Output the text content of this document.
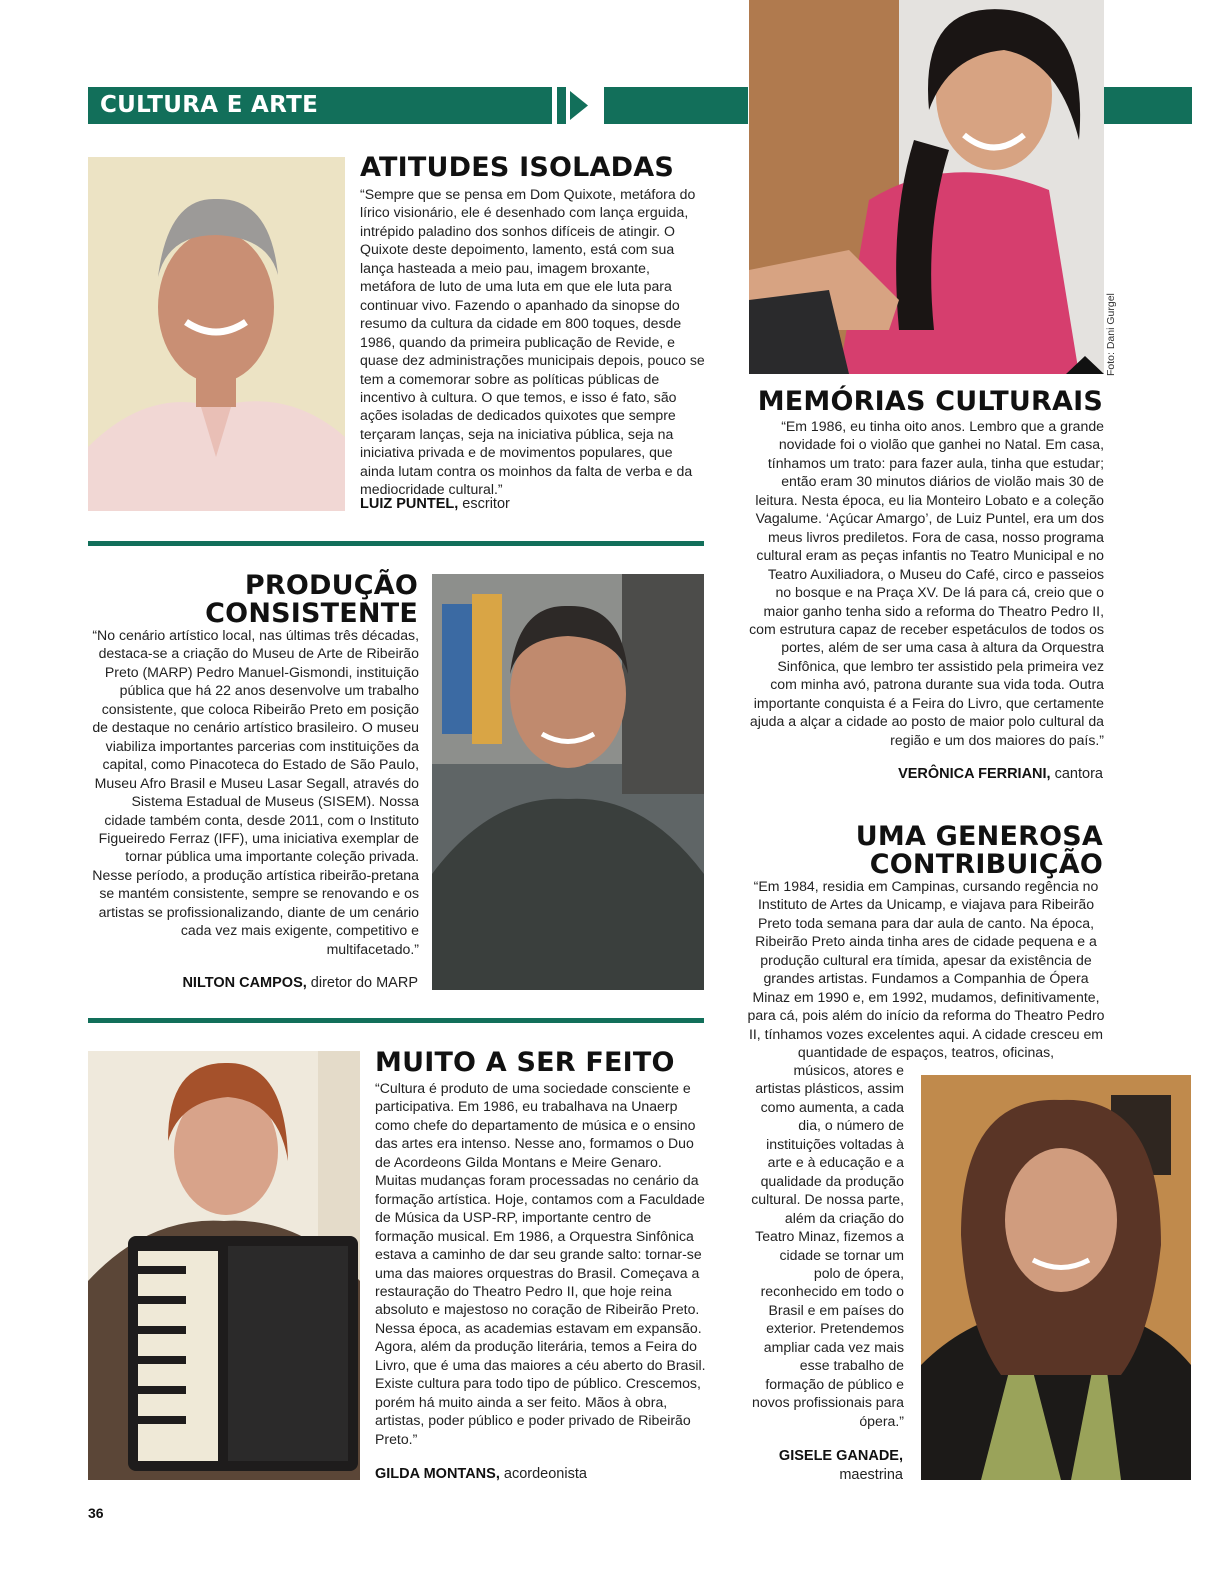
CULTURA E ARTE
Foto: Dani Gurgel
ATITUDES ISOLADAS

“Sempre que se pensa em Dom Quixote, metáfora do lírico visionário, ele é desenhado com lança erguida, intrépido paladino dos sonhos difíceis de atingir. O Quixote deste depoimento, lamento, está com sua lança hasteada a meio pau, imagem broxante, metáfora de luto de uma luta em que ele luta para continuar vivo. Fazendo o apanhado da sinopse do resumo da cultura da cidade em 800 toques, desde 1986, quando da primeira publicação de Revide, e quase dez administrações municipais depois, pouco se tem a comemorar sobre as políticas públicas de incentivo à cultura. O que temos, e isso é fato, são ações isoladas de dedicados quixotes que sempre terçaram lanças, seja na iniciativa pública, seja na iniciativa privada e de movimentos populares, que ainda lutam contra os moinhos da falta de verba e da mediocridade cultural.”

LUIZ PUNTEL, escritor
PRODUÇÃO
CONSISTENTE

“No cenário artístico local, nas últimas três décadas, destaca-se a criação do Museu de Arte de Ribeirão Preto (MARP) Pedro Manuel-Gismondi, instituição pública que há 22 anos desenvolve um trabalho consistente, que coloca Ribeirão Preto em posição de destaque no cenário artístico brasileiro. O museu viabiliza importantes parcerias com instituições da capital, como Pinacoteca do Estado de São Paulo, Museu Afro Brasil e Museu Lasar Segall, através do Sistema Estadual de Museus (SISEM). Nossa cidade também conta, desde 2011, com o Instituto Figueiredo Ferraz (IFF), uma iniciativa exemplar de tornar pública uma importante coleção privada. Nesse período, a produção artística ribeirão-pretana se mantém consistente, sempre se renovando e os artistas se profissionalizando, diante de um cenário cada vez mais exigente, competitivo e multifacetado.”

NILTON CAMPOS, diretor do MARP
MUITO A SER FEITO

“Cultura é produto de uma sociedade consciente e participativa. Em 1986, eu trabalhava na Unaerp como chefe do departamento de música e o ensino das artes era intenso. Nesse ano, formamos o Duo de Acordeons Gilda Montans e Meire Genaro. Muitas mudanças foram processadas no cenário da formação artística. Hoje, contamos com a Faculdade de Música da USP-RP, importante centro de formação musical. Em 1986, a Orquestra Sinfônica estava a caminho de dar seu grande salto: tornar-se uma das maiores orquestras do Brasil. Começava a restauração do Theatro Pedro II, que hoje reina absoluto e majestoso no coração de Ribeirão Preto. Nessa época, as academias estavam em expansão. Agora, além da produção literária, temos a Feira do Livro, que é uma das maiores a céu aberto do Brasil. Existe cultura para todo tipo de público. Crescemos, porém há muito ainda a ser feito. Mãos à obra, artistas, poder público e poder privado de Ribeirão Preto.”

GILDA MONTANS, acordeonista
MEMÓRIAS CULTURAIS

“Em 1986, eu tinha oito anos. Lembro que a grande novidade foi o violão que ganhei no Natal. Em casa, tínhamos um trato: para fazer aula, tinha que estudar; então eram 30 minutos diários de violão mais 30 de leitura. Nesta época, eu lia Monteiro Lobato e a coleção Vagalume. ‘Açúcar Amargo’, de Luiz Puntel, era um dos meus livros prediletos. Fora de casa, nosso programa cultural eram as peças infantis no Teatro Municipal e no Teatro Auxiliadora, o Museu do Café, circo e passeios no bosque e na Praça XV. De lá para cá, creio que o maior ganho tenha sido a reforma do Theatro Pedro II, com estrutura capaz de receber espetáculos de todos os portes, além de ser uma casa à altura da Orquestra Sinfônica, que lembro ter assistido pela primeira vez com minha avó, patrona durante sua vida toda. Outra importante conquista é a Feira do Livro, que certamente ajuda a alçar a cidade ao posto de maior polo cultural da região e um dos maiores do país.”

VERÔNICA FERRIANI, cantora
UMA GENEROSA
CONTRIBUIÇÃO

“Em 1984, residia em Campinas, cursando regência no Instituto de Artes da Unicamp, e viajava para Ribeirão Preto toda semana para dar aula de canto. Na época, Ribeirão Preto ainda tinha ares de cidade pequena e a produção cultural era tímida, apesar da existência de grandes artistas. Fundamos a Companhia de Ópera Minaz em 1990 e, em 1992, mudamos, definitivamente, para cá, pois além do início da reforma do Theatro Pedro II, tínhamos vozes excelentes aqui. A cidade cresceu em quantidade de espaços, teatros, oficinas,

músicos, atores e artistas plásticos, assim como aumenta, a cada dia, o número de instituições voltadas à arte e à educação e a qualidade da produção cultural. De nossa parte, além da criação do Teatro Minaz, fizemos a cidade se tornar um polo de ópera, reconhecido em todo o Brasil e em países do exterior. Pretendemos ampliar cada vez mais esse trabalho de formação de público e novos profissionais para ópera.”

GISELE GANADE,
maestrina
36
